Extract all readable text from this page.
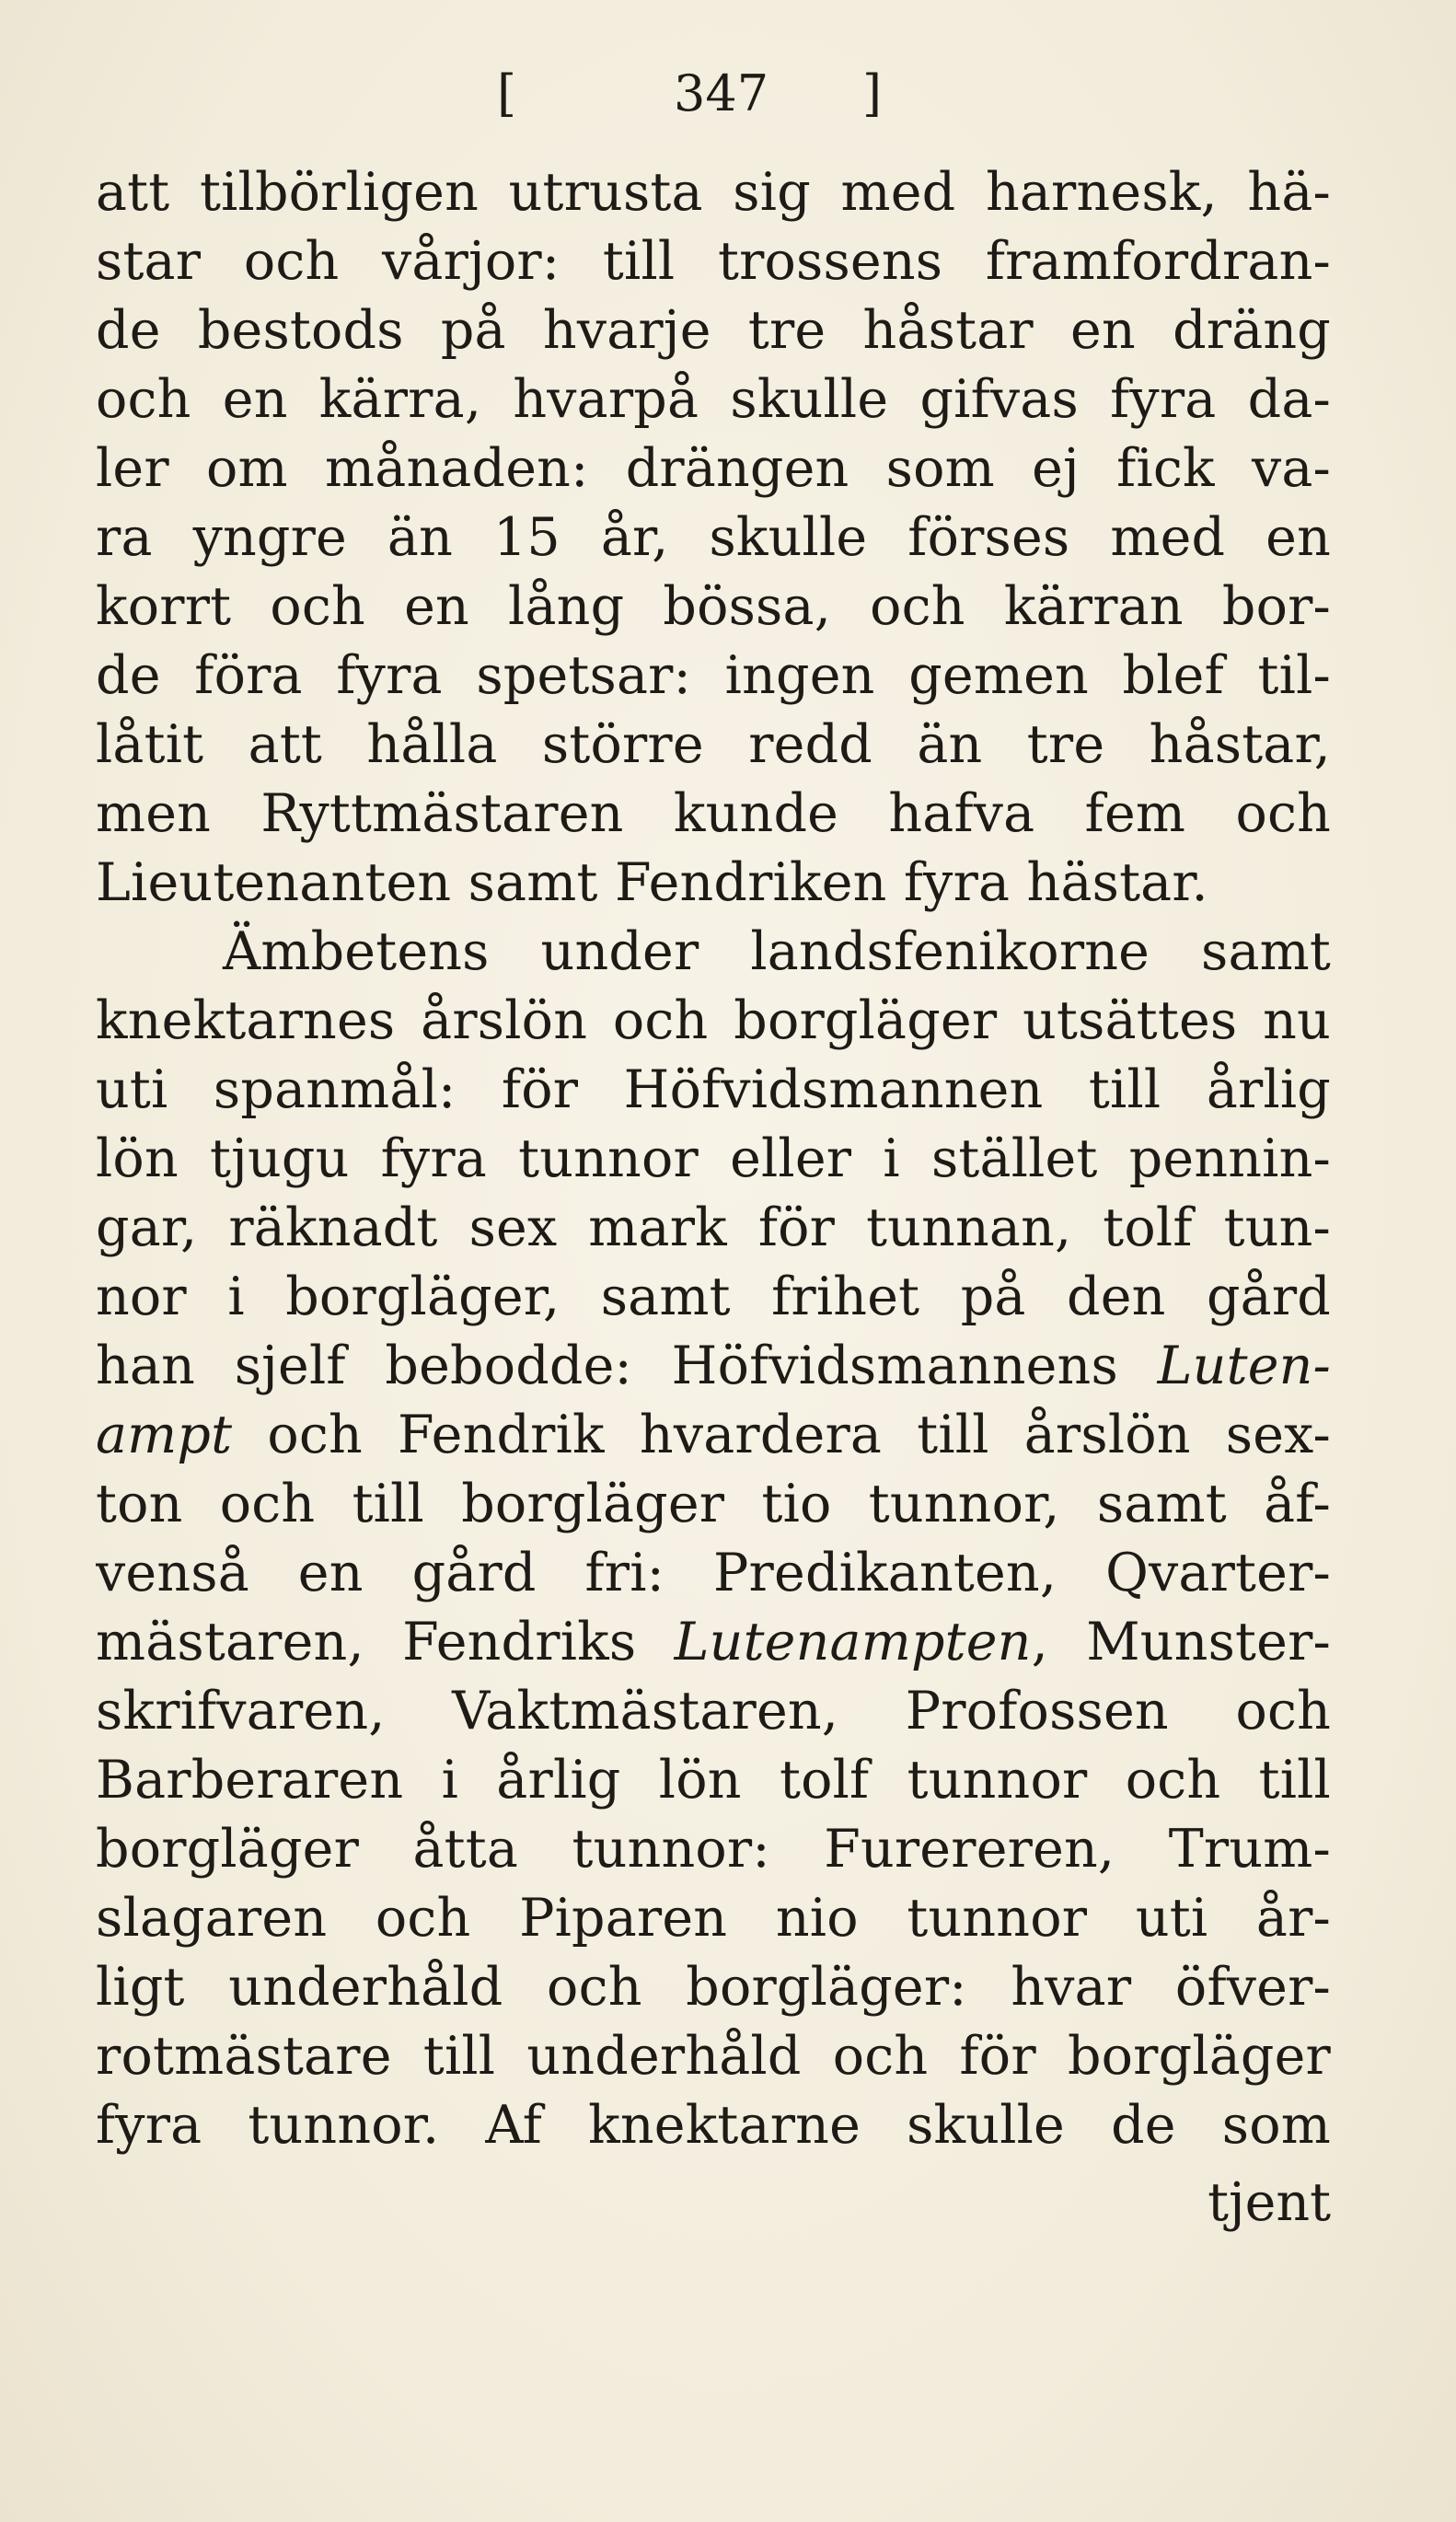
[	347 ]
att tilbörligen utrusta sig med harnesk, hä-
star och vårjor: till trossens framfordran-
de bestods på hvarje tre håstar en dräng
och en kärra, hvarpå skulle gifvas fyra da-
ler om månaden: drängen som ej fick va-
ra yngre än 15 år, skulle förses med en
korrt och en lång bössa, och kärran bor-
de föra fyra spetsar: ingen gemen blef til-
låtit att hålla större redd än tre håstar,
men Ryttmästaren kunde hafva fem och
Lieutenanten samt Fendriken fyra hästar.
Ämbetens under landsfenikorne samt
knektarnes årslön och borgläger utsättes nu
uti spanmål: för Höfvidsmannen till årlig
lön tjugu fyra tunnor eller i stället pennin-
gar, räknadt sex mark för tunnan, tolf tun-
nor i borgläger, samt frihet på den gård
han sjelf bebodde: Höfvidsmannens Luten-
ampt och Fendrik hvardera till årslön sex-
ton och till borgläger tio tunnor, samt åf-
venså en gård fri: Predikanten, Qvarter-
mästaren, Fendriks Lutenampten, Munster-
skrifvaren, Vaktmästaren, Profossen och
Barberaren i årlig lön tolf tunnor och till
borgläger åtta tunnor: Furereren, Trum-
slagaren och Piparen nio tunnor uti år-
ligt underhåld och borgläger: hvar öfver-
rotmästare till underhåld och för borgläger
fyra tunnor. Af knektarne skulle de som
tjent
